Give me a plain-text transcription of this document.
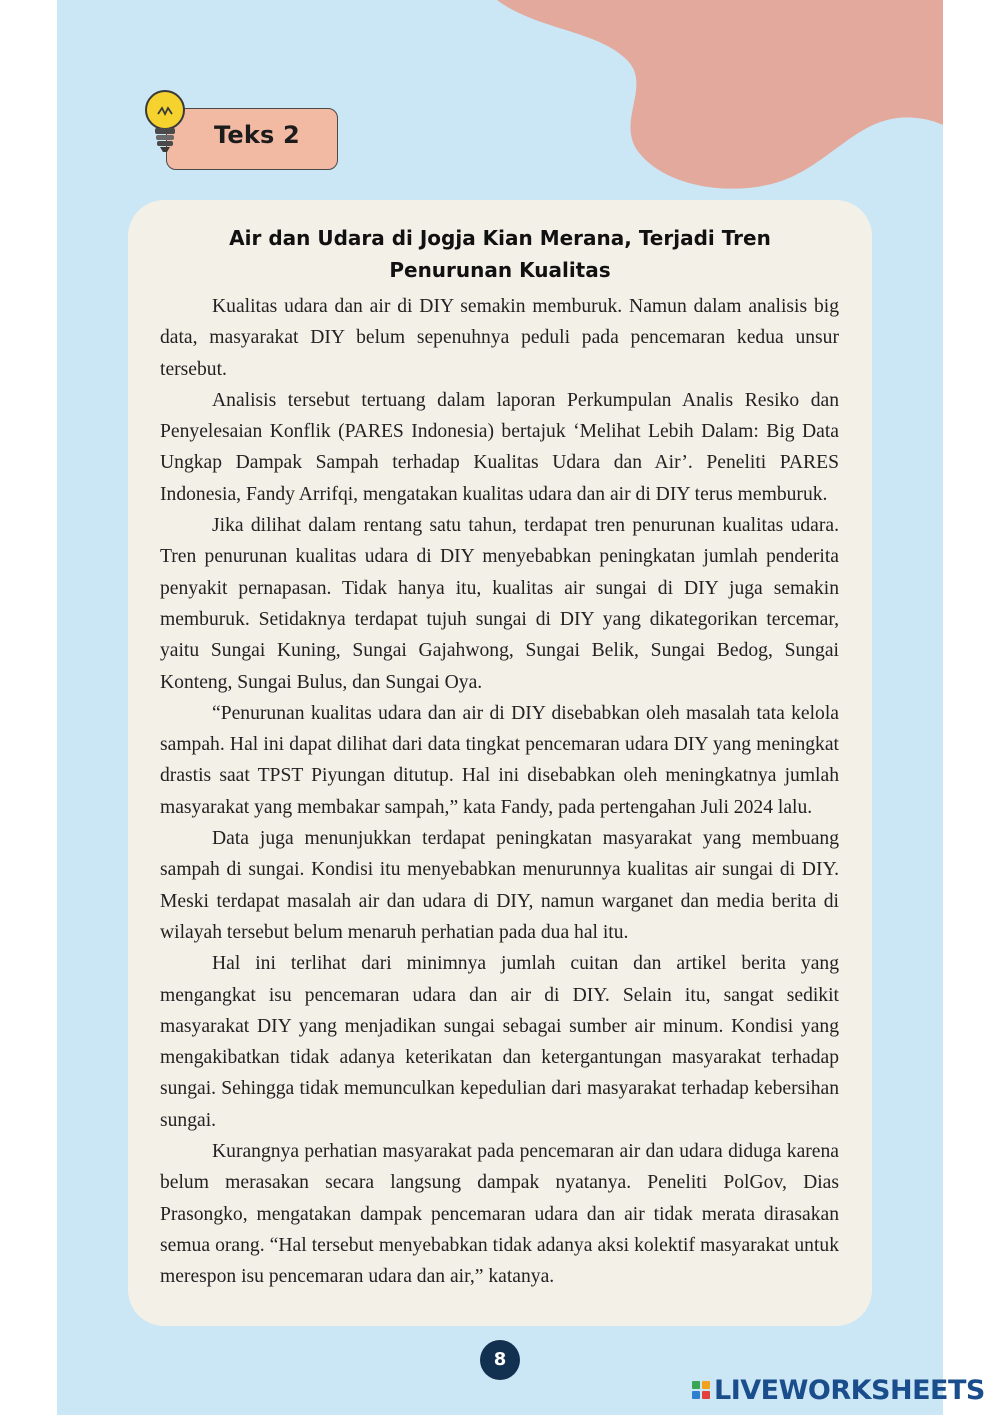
Teks 2
Air dan Udara di Jogja Kian Merana, Terjadi Tren
Penurunan Kualitas

Kualitas udara dan air di DIY semakin memburuk. Namun dalam analisis big data, masyarakat DIY belum sepenuhnya peduli pada pencemaran kedua unsur tersebut.

Analisis tersebut tertuang dalam laporan Perkumpulan Analis Resiko dan Penyelesaian Konflik (PARES Indonesia) bertajuk ‘Melihat Lebih Dalam: Big Data Ungkap Dampak Sampah terhadap Kualitas Udara dan Air’. Peneliti PARES Indonesia, Fandy Arrifqi, mengatakan kualitas udara dan air di DIY terus memburuk.

Jika dilihat dalam rentang satu tahun, terdapat tren penurunan kualitas udara. Tren penurunan kualitas udara di DIY menyebabkan peningkatan jumlah penderita penyakit pernapasan. Tidak hanya itu, kualitas air sungai di DIY juga semakin memburuk. Setidaknya terdapat tujuh sungai di DIY yang dikategorikan tercemar, yaitu Sungai Kuning, Sungai Gajahwong, Sungai Belik, Sungai Bedog, Sungai Konteng, Sungai Bulus, dan Sungai Oya.

“Penurunan kualitas udara dan air di DIY disebabkan oleh masalah tata kelola sampah. Hal ini dapat dilihat dari data tingkat pencemaran udara DIY yang meningkat drastis saat TPST Piyungan ditutup. Hal ini disebabkan oleh meningkatnya jumlah masyarakat yang membakar sampah,” kata Fandy, pada pertengahan Juli 2024 lalu.

Data juga menunjukkan terdapat peningkatan masyarakat yang membuang sampah di sungai. Kondisi itu menyebabkan menurunnya kualitas air sungai di DIY. Meski terdapat masalah air dan udara di DIY, namun warganet dan media berita di wilayah tersebut belum menaruh perhatian pada dua hal itu.

Hal ini terlihat dari minimnya jumlah cuitan dan artikel berita yang mengangkat isu pencemaran udara dan air di DIY. Selain itu, sangat sedikit masyarakat DIY yang menjadikan sungai sebagai sumber air minum. Kondisi yang mengakibatkan tidak adanya keterikatan dan ketergantungan masyarakat terhadap sungai. Sehingga tidak memunculkan kepedulian dari masyarakat terhadap kebersihan sungai.

Kurangnya perhatian masyarakat pada pencemaran air dan udara diduga karena belum merasakan secara langsung dampak nyatanya. Peneliti PolGov, Dias Prasongko, mengatakan dampak pencemaran udara dan air tidak merata dirasakan semua orang. “Hal tersebut menyebabkan tidak adanya aksi kolektif masyarakat untuk merespon isu pencemaran udara dan air,” katanya.

8
LIVEWORKSHEETS
